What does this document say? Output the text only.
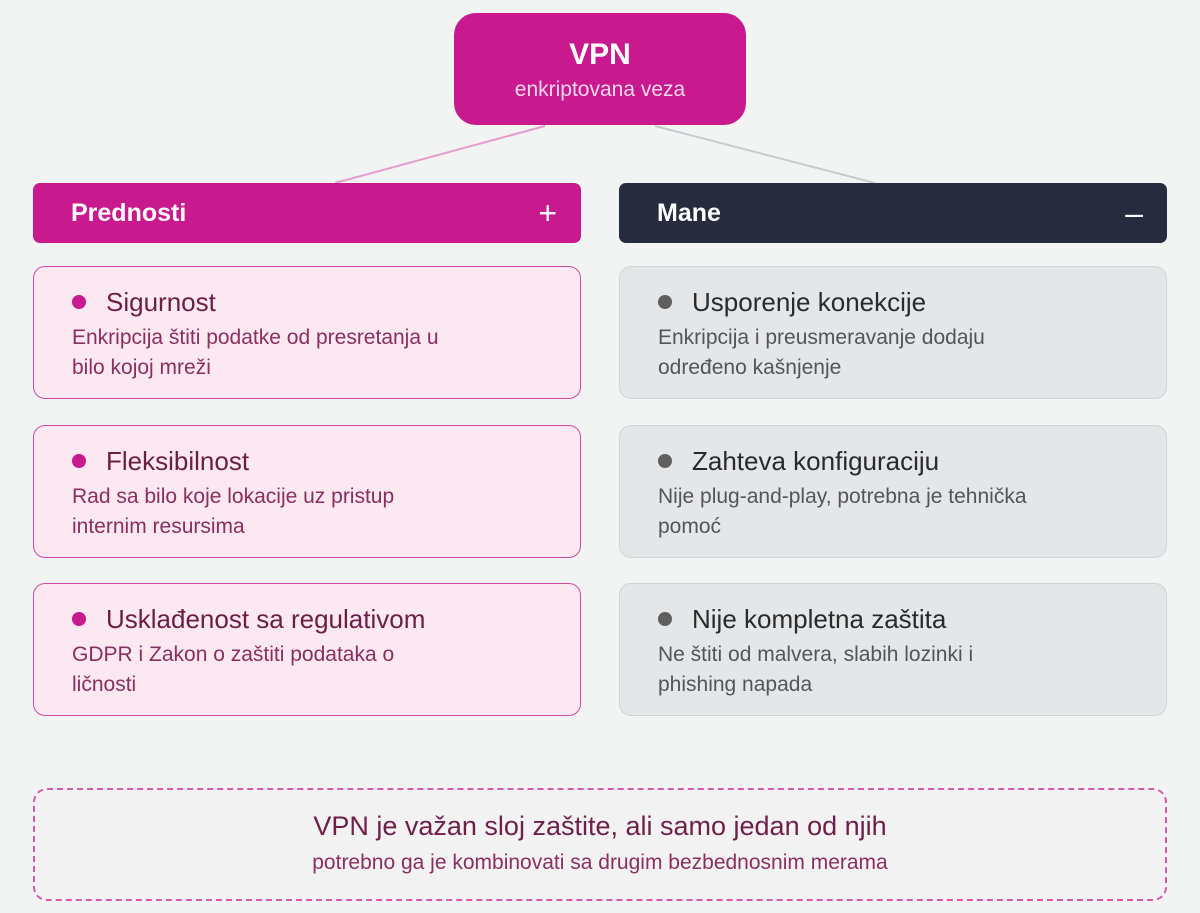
VPN
enkriptovana veza
Prednosti	+	Mane	–
Sigurnost
Enkripcija štiti podatke od presretanja u bilo kojoj mreži
Fleksibilnost
Rad sa bilo koje lokacije uz pristup internim resursima
Usklađenost sa regulativom
GDPR i Zakon o zaštiti podataka o ličnosti
Usporenje konekcije
Enkripcija i preusmeravanje dodaju određeno kašnjenje
Zahteva konfiguraciju
Nije plug-and-play, potrebna je tehnička pomoć
Nije kompletna zaštita
Ne štiti od malvera, slabih lozinki i phishing napada
VPN je važan sloj zaštite, ali samo jedan od njih
potrebno ga je kombinovati sa drugim bezbednosnim merama
